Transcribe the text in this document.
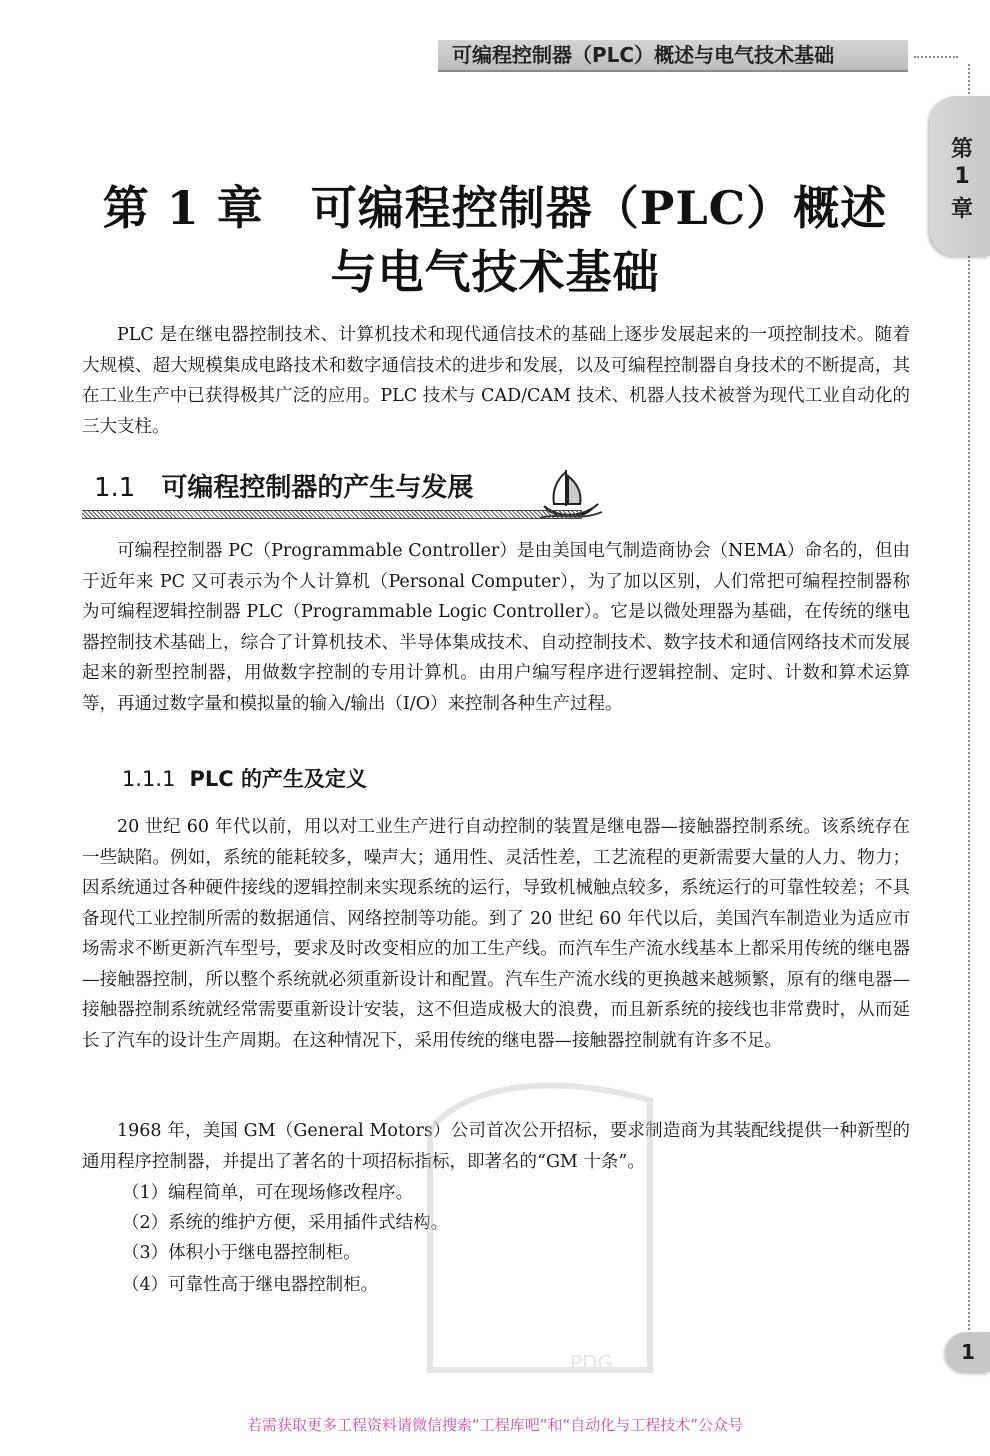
可编程控制器（PLC）概述与电气技术基础
第
1
章
第 1 章　可编程控制器（PLC）概述
与电气技术基础

PLC 是在继电器控制技术、计算机技术和现代通信技术的基础上逐步发展起来的一项控制技术。随着大规模、超大规模集成电路技术和数字通信技术的进步和发展，以及可编程控制器自身技术的不断提高，其在工业生产中已获得极其广泛的应用。PLC 技术与 CAD/CAM 技术、机器人技术被誉为现代工业自动化的三大支柱。

1.1 可编程控制器的产生与发展

可编程控制器 PC（Programmable Controller）是由美国电气制造商协会（NEMA）命名的，但由于近年来 PC 又可表示为个人计算机（Personal Computer），为了加以区别，人们常把可编程控制器称为可编程逻辑控制器 PLC（Programmable Logic Controller）。它是以微处理器为基础，在传统的继电器控制技术基础上，综合了计算机技术、半导体集成技术、自动控制技术、数字技术和通信网络技术而发展起来的新型控制器，用做数字控制的专用计算机。由用户编写程序进行逻辑控制、定时、计数和算术运算等，再通过数字量和模拟量的输入/输出（I/O）来控制各种生产过程。

1.1.1 PLC 的产生及定义

20 世纪 60 年代以前，用以对工业生产进行自动控制的装置是继电器—接触器控制系统。该系统存在一些缺陷。例如，系统的能耗较多，噪声大；通用性、灵活性差，工艺流程的更新需要大量的人力、物力；因系统通过各种硬件接线的逻辑控制来实现系统的运行，导致机械触点较多，系统运行的可靠性较差；不具备现代工业控制所需的数据通信、网络控制等功能。到了 20 世纪 60 年代以后，美国汽车制造业为适应市场需求不断更新汽车型号，要求及时改变相应的加工生产线。而汽车生产流水线基本上都采用传统的继电器—接触器控制，所以整个系统就必须重新设计和配置。汽车生产流水线的更换越来越频繁，原有的继电器—接触器控制系统就经常需要重新设计安装，这不但造成极大的浪费，而且新系统的接线也非常费时，从而延长了汽车的设计生产周期。在这种情况下，采用传统的继电器—接触器控制就有许多不足。

1968 年，美国 GM（General Motors）公司首次公开招标，要求制造商为其装配线提供一种新型的通用程序控制器，并提出了著名的十项招标指标，即著名的“GM 十条”。

（1）编程简单，可在现场修改程序。
（2）系统的维护方便，采用插件式结构。
（3）体积小于继电器控制柜。
（4）可靠性高于继电器控制柜。
PDG	1
若需获取更多工程资料请微信搜索“工程库吧”和“自动化与工程技术”公众号
